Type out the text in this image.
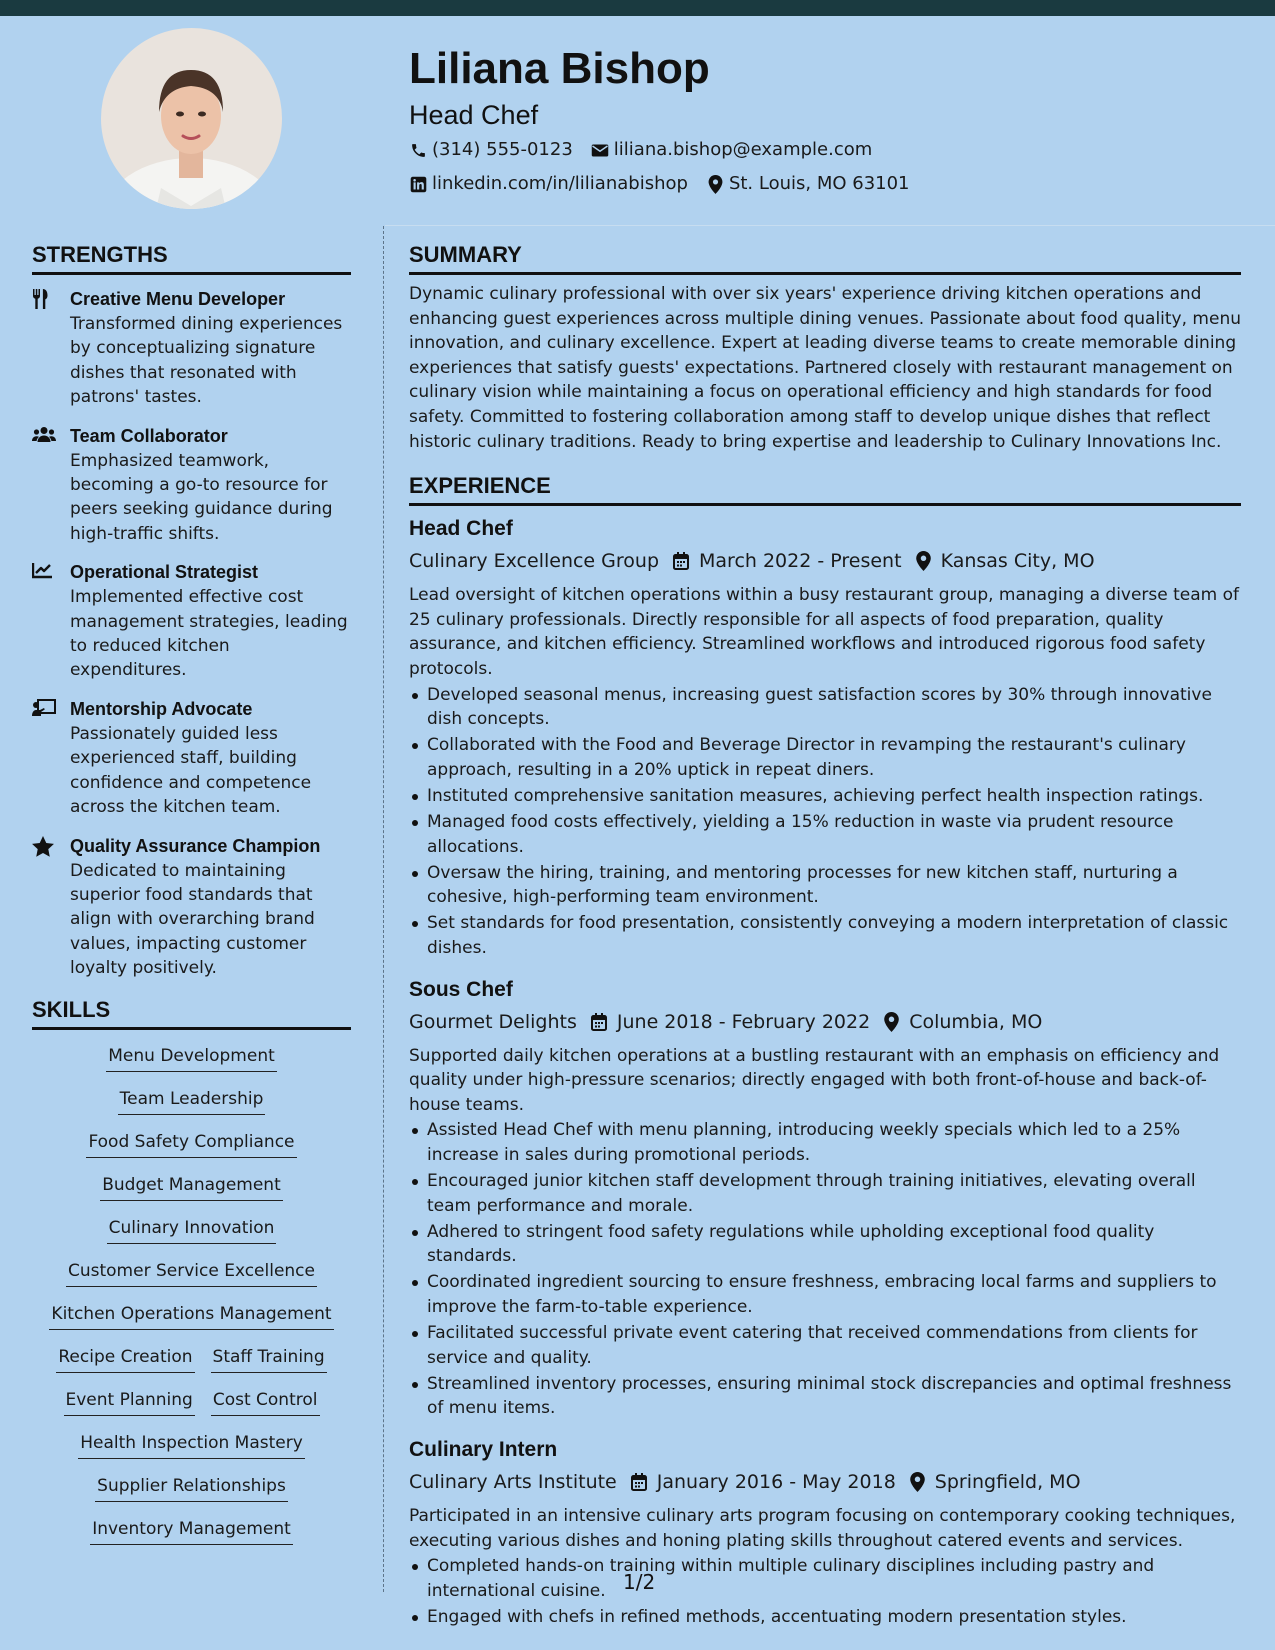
Liliana Bishop
Head Chef
(314) 555-0123 liliana.bishop@example.com
linkedin.com/in/lilianabishop St. Louis, MO 63101
STRENGTHS
Creative Menu Developer
Transformed dining experiences by conceptualizing signature dishes that resonated with patrons' tastes.
Team Collaborator
Emphasized teamwork, becoming a go-to resource for peers seeking guidance during high-traffic shifts.
Operational Strategist
Implemented effective cost management strategies, leading to reduced kitchen expenditures.
Mentorship Advocate
Passionately guided less experienced staff, building confidence and competence across the kitchen team.
Quality Assurance Champion
Dedicated to maintaining superior food standards that align with overarching brand values, impacting customer loyalty positively.
SKILLS
Menu Development
Team Leadership
Food Safety Compliance
Budget Management
Culinary Innovation
Customer Service Excellence
Kitchen Operations Management
Recipe Creation Staff Training
Event Planning Cost Control
Health Inspection Mastery
Supplier Relationships
Inventory Management
SUMMARY
Dynamic culinary professional with over six years' experience driving kitchen operations and enhancing guest experiences across multiple dining venues. Passionate about food quality, menu innovation, and culinary excellence. Expert at leading diverse teams to create memorable dining experiences that satisfy guests' expectations. Partnered closely with restaurant management on culinary vision while maintaining a focus on operational efficiency and high standards for food safety. Committed to fostering collaboration among staff to develop unique dishes that reflect historic culinary traditions. Ready to bring expertise and leadership to Culinary Innovations Inc.
EXPERIENCE
Head Chef
Culinary Excellence Group March 2022 - Present Kansas City, MO
Lead oversight of kitchen operations within a busy restaurant group, managing a diverse team of 25 culinary professionals. Directly responsible for all aspects of food preparation, quality assurance, and kitchen efficiency. Streamlined workflows and introduced rigorous food safety protocols.
Developed seasonal menus, increasing guest satisfaction scores by 30% through innovative dish concepts.
Collaborated with the Food and Beverage Director in revamping the restaurant's culinary approach, resulting in a 20% uptick in repeat diners.
Instituted comprehensive sanitation measures, achieving perfect health inspection ratings.
Managed food costs effectively, yielding a 15% reduction in waste via prudent resource allocations.
Oversaw the hiring, training, and mentoring processes for new kitchen staff, nurturing a cohesive, high-performing team environment.
Set standards for food presentation, consistently conveying a modern interpretation of classic dishes.
Sous Chef
Gourmet Delights June 2018 - February 2022 Columbia, MO
Supported daily kitchen operations at a bustling restaurant with an emphasis on efficiency and quality under high-pressure scenarios; directly engaged with both front-of-house and back-of-house teams.
Assisted Head Chef with menu planning, introducing weekly specials which led to a 25% increase in sales during promotional periods.
Encouraged junior kitchen staff development through training initiatives, elevating overall team performance and morale.
Adhered to stringent food safety regulations while upholding exceptional food quality standards.
Coordinated ingredient sourcing to ensure freshness, embracing local farms and suppliers to improve the farm-to-table experience.
Facilitated successful private event catering that received commendations from clients for service and quality.
Streamlined inventory processes, ensuring minimal stock discrepancies and optimal freshness of menu items.
Culinary Intern
Culinary Arts Institute January 2016 - May 2018 Springfield, MO
Participated in an intensive culinary arts program focusing on contemporary cooking techniques, executing various dishes and honing plating skills throughout catered events and services.
Completed hands-on training within multiple culinary disciplines including pastry and international cuisine.
Engaged with chefs in refined methods, accentuating modern presentation styles.
1/2
